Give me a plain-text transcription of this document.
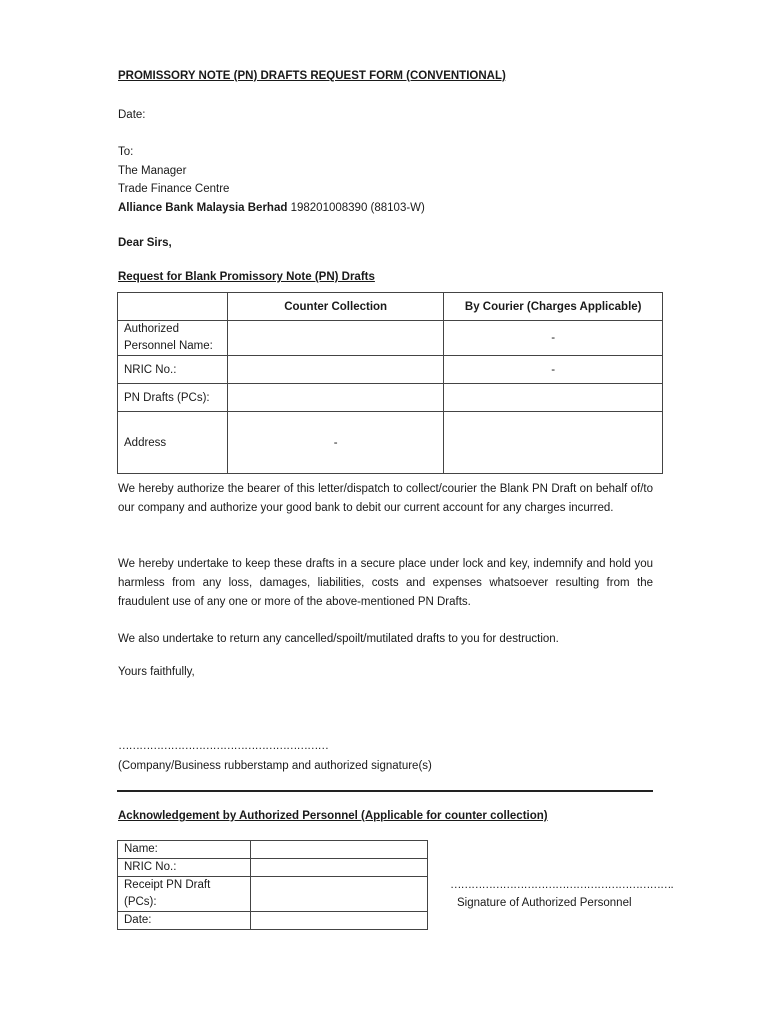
PROMISSORY NOTE (PN) DRAFTS REQUEST FORM (CONVENTIONAL)
Date:
To:
The Manager
Trade Finance Centre
Alliance Bank Malaysia Berhad 198201008390 (88103-W)
Dear Sirs,
Request for Blank Promissory Note (PN) Drafts
	Counter Collection	By Courier (Charges Applicable)

Authorized
Personnel Name:		-
NRIC No.:		-
PN Drafts (PCs):		
Address	-	
We hereby authorize the bearer of this letter/dispatch to collect/courier the Blank PN Draft on behalf of/to our company and authorize your good bank to debit our current account for any charges incurred.
We hereby undertake to keep these drafts in a secure place under lock and key, indemnify and hold you harmless from any loss, damages, liabilities, costs and expenses whatsoever resulting from the fraudulent use of any one or more of the above-mentioned PN Drafts.
We also undertake to return any cancelled/spoilt/mutilated drafts to you for destruction.
Yours faithfully,
……………………………………………………
(Company/Business rubberstamp and authorized signature(s)
Acknowledgement by Authorized Personnel (Applicable for counter collection)
Name:	
NRIC No.:	
Receipt PN Draft (PCs):	
Date:	
……………………………………………………….
Signature of Authorized Personnel
